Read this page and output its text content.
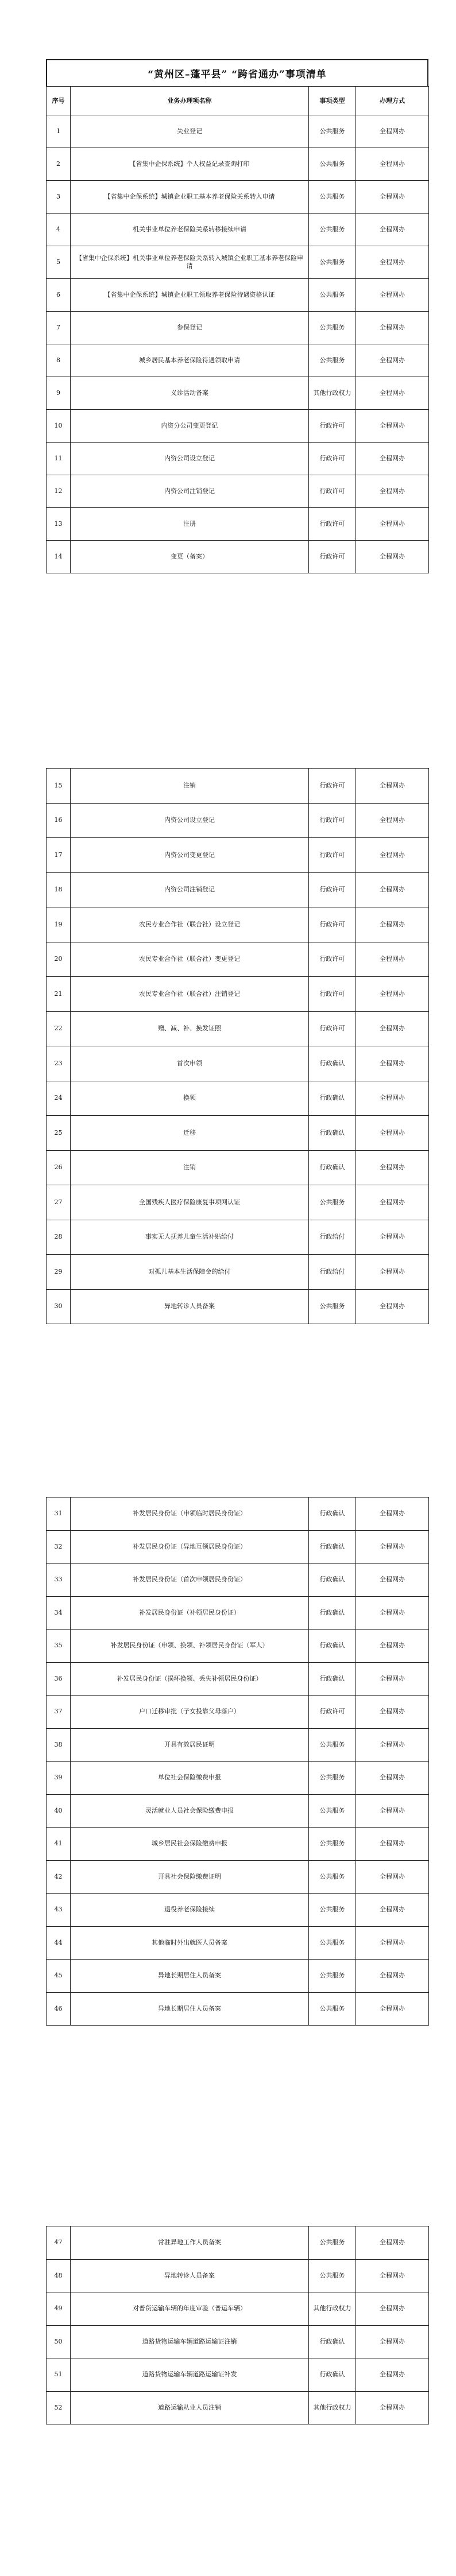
“黄州区–蓬平县” “跨省通办”事项清单
序号	业务办理项名称	事项类型	办理方式
1	失业登记	公共服务	全程网办
2	【省集中企保系统】个人权益记录查询打印	公共服务	全程网办
3	【省集中企保系统】城镇企业职工基本养老保险关系转入申请	公共服务	全程网办
4	机关事业单位养老保险关系转移接续申请	公共服务	全程网办
5	【省集中企保系统】机关事业单位养老保险关系转入城镇企业职工基本养老保险申请	公共服务	全程网办
6	【省集中企保系统】城镇企业职工领取养老保险待遇资格认证	公共服务	全程网办
7	参保登记	公共服务	全程网办
8	城乡居民基本养老保险待遇领取申请	公共服务	全程网办
9	义诊活动备案	其他行政权力	全程网办
10	内资分公司变更登记	行政许可	全程网办
11	内资公司设立登记	行政许可	全程网办
12	内资公司注销登记	行政许可	全程网办
13	注册	行政许可	全程网办
14	变更（备案）	行政许可	全程网办
15	注销	行政许可	全程网办
16	内资公司设立登记	行政许可	全程网办
17	内资公司变更登记	行政许可	全程网办
18	内资公司注销登记	行政许可	全程网办
19	农民专业合作社（联合社）设立登记	行政许可	全程网办
20	农民专业合作社（联合社）变更登记	行政许可	全程网办
21	农民专业合作社（联合社）注销登记	行政许可	全程网办
22	赠、减、补、换发证照	行政许可	全程网办
23	首次申领	行政确认	全程网办
24	换领	行政确认	全程网办
25	迁移	行政确认	全程网办
26	注销	行政确认	全程网办
27	全国残疾人医疗保险康复事项网认证	公共服务	全程网办
28	事实无人抚养儿童生活补贴给付	行政给付	全程网办
29	对孤儿基本生活保障金的给付	行政给付	全程网办
30	异地转诊人员备案	公共服务	全程网办
31	补发居民身份证（申领临时居民身份证）	行政确认	全程网办
32	补发居民身份证（异地互领居民身份证）	行政确认	全程网办
33	补发居民身份证（首次申领居民身份证）	行政确认	全程网办
34	补发居民身份证（补领居民身份证）	行政确认	全程网办
35	补发居民身份证（申领、换领、补领居民身份证（军人）	行政确认	全程网办
36	补发居民身份证（损坏换领、丢失补领居民身份证）	行政确认	全程网办
37	户口迁移审批（子女投靠父母落户）	行政许可	全程网办
38	开具有效居民证明	公共服务	全程网办
39	单位社会保险缴费申报	公共服务	全程网办
40	灵活就业人员社会保险缴费申报	公共服务	全程网办
41	城乡居民社会保险缴费申报	公共服务	全程网办
42	开具社会保险缴费证明	公共服务	全程网办
43	退役养老保险接续	公共服务	全程网办
44	其他临时外出就医人员备案	公共服务	全程网办
45	异地长期居住人员备案	公共服务	全程网办
46	异地长期居住人员备案	公共服务	全程网办
47	常驻异地工作人员备案	公共服务	全程网办
48	异地转诊人员备案	公共服务	全程网办
49	对普货运输车辆的年度审验（普运车辆）	其他行政权力	全程网办
50	道路货物运输车辆道路运输证注销	行政确认	全程网办
51	道路货物运输车辆道路运输证补发	行政确认	全程网办
52	道路运输从业人员注销	其他行政权力	全程网办
